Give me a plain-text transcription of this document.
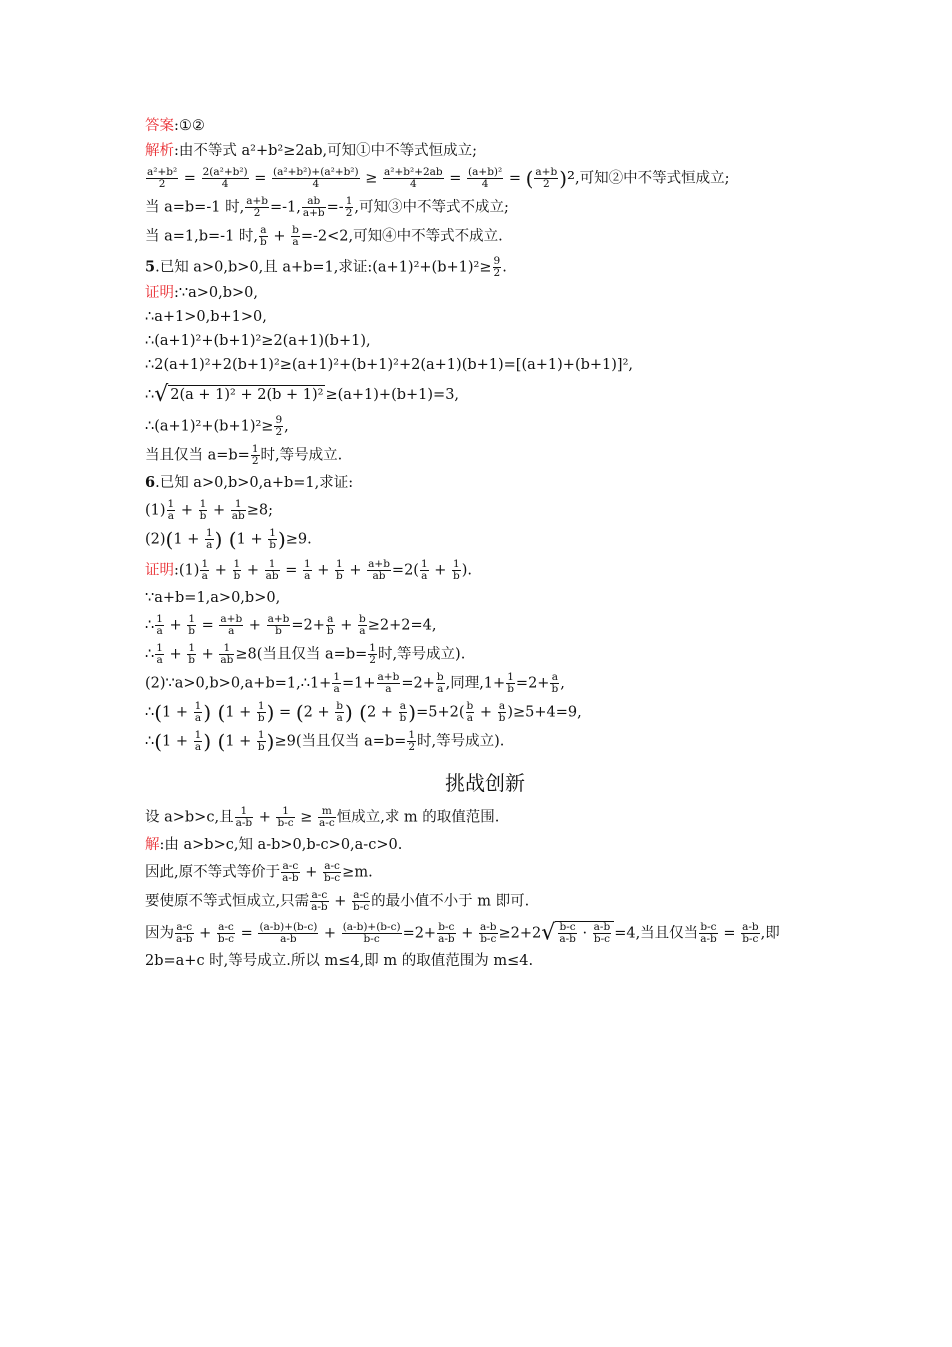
答案:①②
解析:由不等式 a²+b²≥2ab,可知①中不等式恒成立;
$\frac{\text{a²+b²}}{2} = \frac{\text{2(a²+b²)}}{4} = \frac{\text{(a²+b²)+(a²+b²)}}{4} \ge \frac{\text{a²+b²+2ab}}{4} = \frac{\text{(a+b)²}}{4}$ = ( $\frac{a+b}{2} )^2$,可知②中不等式恒成立;
当 a=b=-1 时, $\frac{a+b}{2} =-1$, $\frac{ab}{a+b} =- \frac{1}{2}$ ,可知③中不等式不成立;
当 a=1,b=-1 时, $\frac{a}{b} + \frac{b}{a} =-2<2$,可知④中不等式不成立.
5.已知 a>0,b>0,且 a+b=1,求证:(a+1)²+(b+1)²≥ $\frac{9}{2}$ .
证明:∵a>0,b>0,
∴a+1>0,b+1>0,
∴(a+1)²+(b+1)²≥2(a+1)(b+1),
∴2(a+1)²+2(b+1)²≥(a+1)²+(b+1)²+2(a+1)(b+1)=[(a+1)+(b+1)]²,
∴√ 2(a + 1)² + 2(b + 1)² ≥(a+1)+(b+1)=3,
∴(a+1)²+(b+1)²≥ $\frac{9}{2}$ ,
当且仅当 $a=b= \frac{1}{2}$ 时,等号成立.
6.已知 a>0,b>0,a+b=1,求证:
$(1) \frac{1}{a} + \frac{1}{b} + \frac{1}{ab} \ge 8$;
$(2)(1 + \frac{1}{a}$ ) $(1 + \frac{1}{b} )\ge 9$.
证明:(1) $\frac{1}{a} + \frac{1}{b} + \frac{1}{ab} = \frac{1}{a} + \frac{1}{b} + \frac{a+b}{ab} =2( \frac{1}{a} + \frac{1}{b}$ ).
∵a+b=1,a>0,b>0,
∴ $\frac{1}{a} + \frac{1}{b} = \frac{a+b}{a} + \frac{a+b}{b} =2+ \frac{a}{b} + \frac{b}{a} \ge 2+2=4$,
∴ $\frac{1}{a} + \frac{1}{b} + \frac{1}{ab} \ge 8$(当且仅当 $a=b= \frac{1}{2}$ 时,等号成立).
(2)∵a>0,b>0,a+b=1,∴1+ $\frac{1}{a} =1+ \frac{a+b}{a} =2+ \frac{b}{a}$ ,同理$,1+ \frac{1}{b} =2+ \frac{a}{b}$ ,
∴(1 + $\frac{1}{a}$ ) ($1 + \frac{1}{b}$ ) = ($2 + \frac{b}{a}$ ) $(2 + \frac{a}{b} )=5+2( \frac{b}{a} + \frac{a}{b} )\ge 5+4=9$,
∴(1 + $\frac{1}{a}$ ) $(1 + \frac{1}{b} )\ge 9$(当且仅当 $a=b= \frac{1}{2}$ 时,等号成立).
挑战创新
设 a>b>c,且 $\frac{1}{a-b} + \frac{1}{b-c} \ge \frac{m}{a-c}$ 恒成立,求 m 的取值范围.
解:由 a>b>c,知 a-b>0,b-c>0,a-c>0.
因此,原不等式等价于 $\frac{a-c}{a-b} + \frac{a-c}{b-c} \ge m$.
要使原不等式恒成立,只需 $\frac{a-c}{a-b} + \frac{a-c}{b-c}$ 的最小值不小于 m 即可.
因为 $\frac{a-c}{a-b} + \frac{a-c}{b-c} = \frac{(a-b)+(b-c)}{a-b} + \frac{(a-b)+(b-c)}{b-c} =2+ \frac{b-c}{a-b} + \frac{a-b}{b-c} \ge 2+2√ \frac{b-c}{a-b} \cdot \frac{a-b}{b-c} =4$,当且仅当 $\frac{b-c}{a-b} = \frac{a-b}{b-c}$ ,即
2b=a+c 时,等号成立.所以 m≤4,即 m 的取值范围为 m≤4.
